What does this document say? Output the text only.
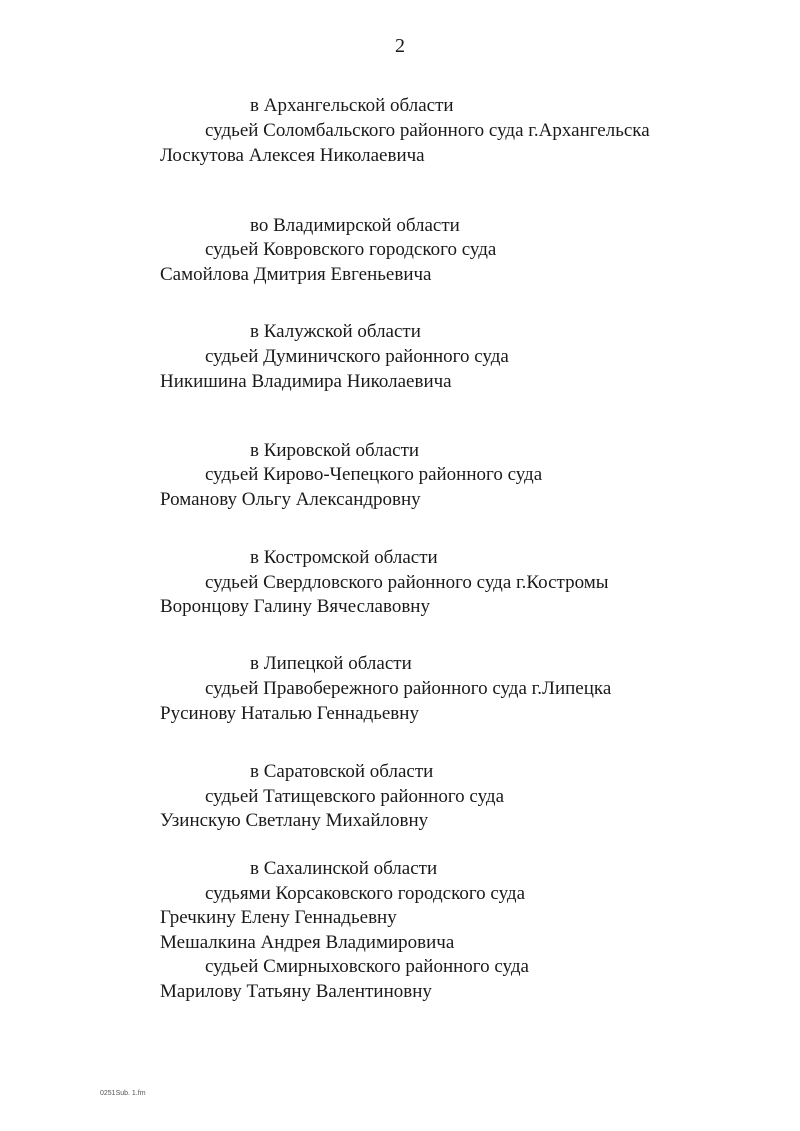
2
в Архангельской области
судьей Соломбальского районного суда г.Архангельска
Лоскутова Алексея Николаевича
во Владимирской области
судьей Ковровского городского суда
Самойлова Дмитрия Евгеньевича
в Калужской области
судьей Думиничского районного суда
Никишина Владимира Николаевича
в Кировской области
судьей Кирово-Чепецкого районного суда
Романову Ольгу Александровну
в Костромской области
судьей Свердловского районного суда г.Костромы
Воронцову Галину Вячеславовну
в Липецкой области
судьей Правобережного районного суда г.Липецка
Русинову Наталью Геннадьевну
в Саратовской области
судьей Татищевского районного суда
Узинскую Светлану Михайловну
в Сахалинской области
судьями Корсаковского городского суда
Гречкину Елену Геннадьевну
Мешалкина Андрея Владимировича
судьей Смирныховского районного суда
Марилову Татьяну Валентиновну
0251Sub. 1.fm
